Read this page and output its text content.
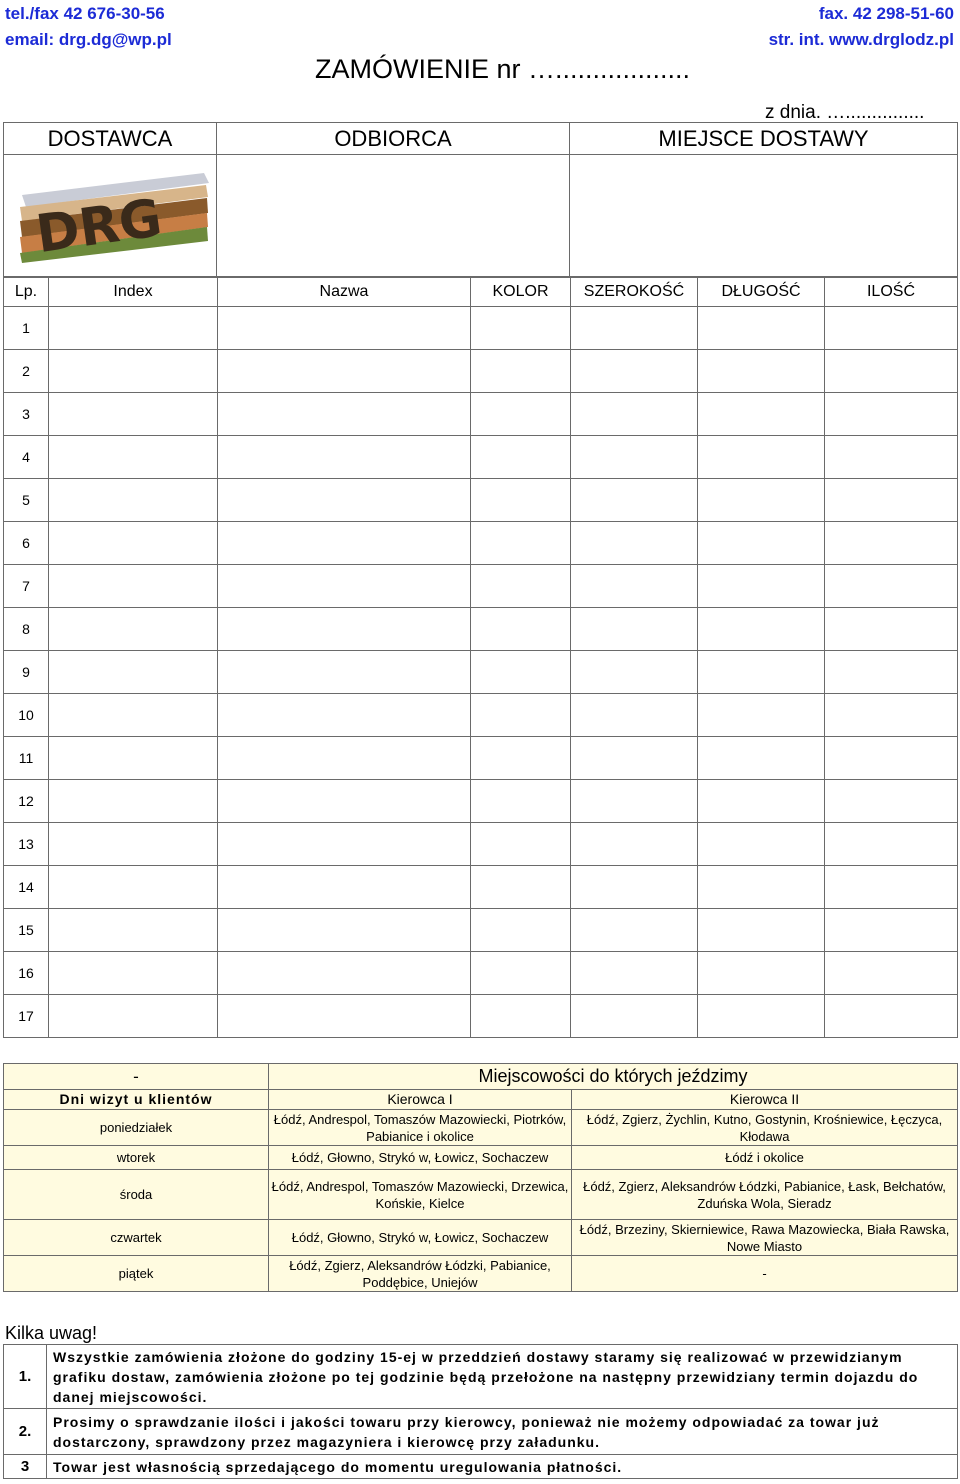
tel./fax 42 676-30-56
email: drg.dg@wp.pl
fax. 42 298-51-60
str. int. www.drglodz.pl
ZAMÓWIENIE nr …..................
z dnia. …...............
DOSTAWCA	ODBIORCA	MIEJSCE DOSTAWY

DRG		

Lp.	Index	Nazwa	KOLOR	SZEROKOŚĆ	DŁUGOŚĆ	ILOŚĆ
1						
2						
3						
4						
5						
6						
7						
8						
9						
10						
11						
12						
13						
14						
15						
16						
17						
-	Miejscowości do których jeździmy	
Dni wizyt u klientów	Kierowca I	Kierowca II
poniedziałek	Łódź, Andrespol, Tomaszów Mazowiecki, Piotrków, Pabianice i okolice	Łódź, Zgierz, Żychlin, Kutno, Gostynin, Krośniewice, Łęczyca, Kłodawa
wtorek	Łódź, Głowno, Strykó w, Łowicz, Sochaczew	Łódź i okolice
środa	Łódź, Andrespol, Tomaszów Mazowiecki, Drzewica, Końskie, Kielce	Łódź, Zgierz, Aleksandrów Łódzki, Pabianice, Łask, Bełchatów, Zduńska Wola, Sieradz
czwartek	Łódź, Głowno, Strykó w, Łowicz, Sochaczew	Łódź, Brzeziny, Skierniewice, Rawa Mazowiecka, Biała Rawska, Nowe Miasto
piątek	Łódź, Zgierz, Aleksandrów Łódzki, Pabianice, Poddębice, Uniejów	-
Kilka uwag!
1.	Wszystkie zamówienia złożone do godziny 15-ej w przeddzień dostawy staramy się realizować w przewidzianym grafiku dostaw, zamówienia złożone po tej godzinie będą przełożone na następny przewidziany termin dojazdu do danej miejscowości.
2.	Prosimy o sprawdzanie ilości i jakości towaru przy kierowcy, ponieważ nie możemy odpowiadać za towar już dostarczony, sprawdzony przez magazyniera i kierowcę przy załadunku.
3	Towar jest własnością sprzedającego do momentu uregulowania płatności.
